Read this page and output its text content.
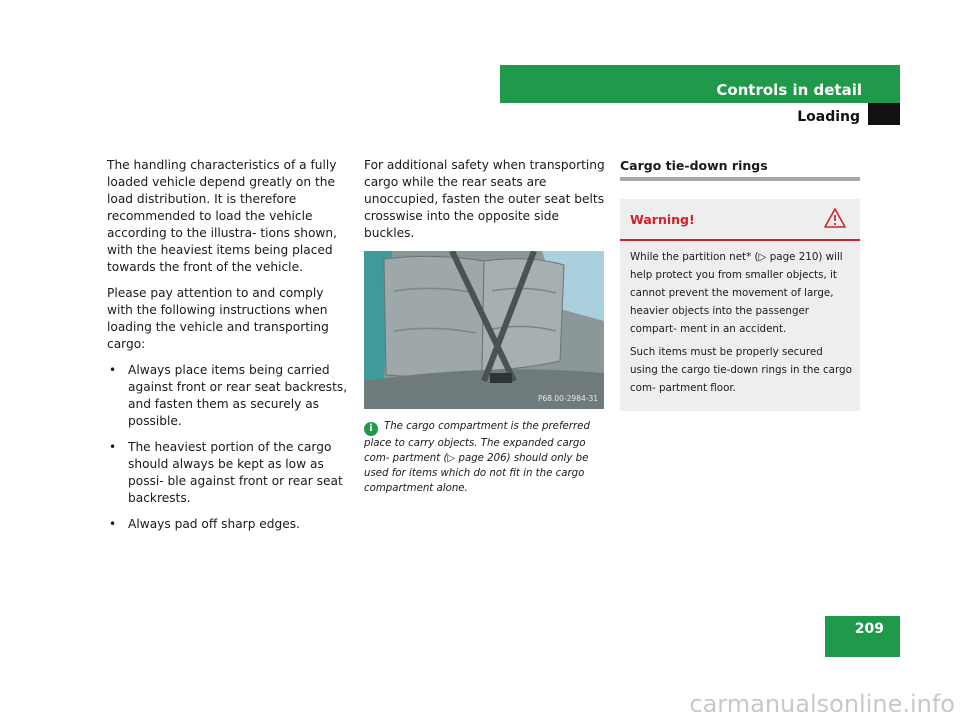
Controls in detail
Loading

The handling characteristics of a fully loaded vehicle depend greatly on the load distribution. It is therefore recommended to load the vehicle according to the illustra- tions shown, with the heaviest items being placed towards the front of the vehicle.

Please pay attention to and comply with the following instructions when loading the vehicle and transporting cargo:

• Always place items being carried against front or rear seat backrests, and fasten them as securely as possible.
• The heaviest portion of the cargo should always be kept as low as possi- ble against front or rear seat backrests.
• Always pad off sharp edges.

For additional safety when transporting cargo while the rear seats are unoccupied, fasten the outer seat belts crosswise into the opposite side buckles.

P68.00-2984-31
i The cargo compartment is the preferred place to carry objects. The expanded cargo com- partment (▷ page 206) should only be used for items which do not fit in the cargo compartment alone.
Cargo tie-down rings
Warning!

While the partition net* (▷ page 210) will help protect you from smaller objects, it cannot prevent the movement of large, heavier objects into the passenger compart- ment in an accident.

Such items must be properly secured using the cargo tie-down rings in the cargo com- partment floor.

209
carmanualsonline.info
